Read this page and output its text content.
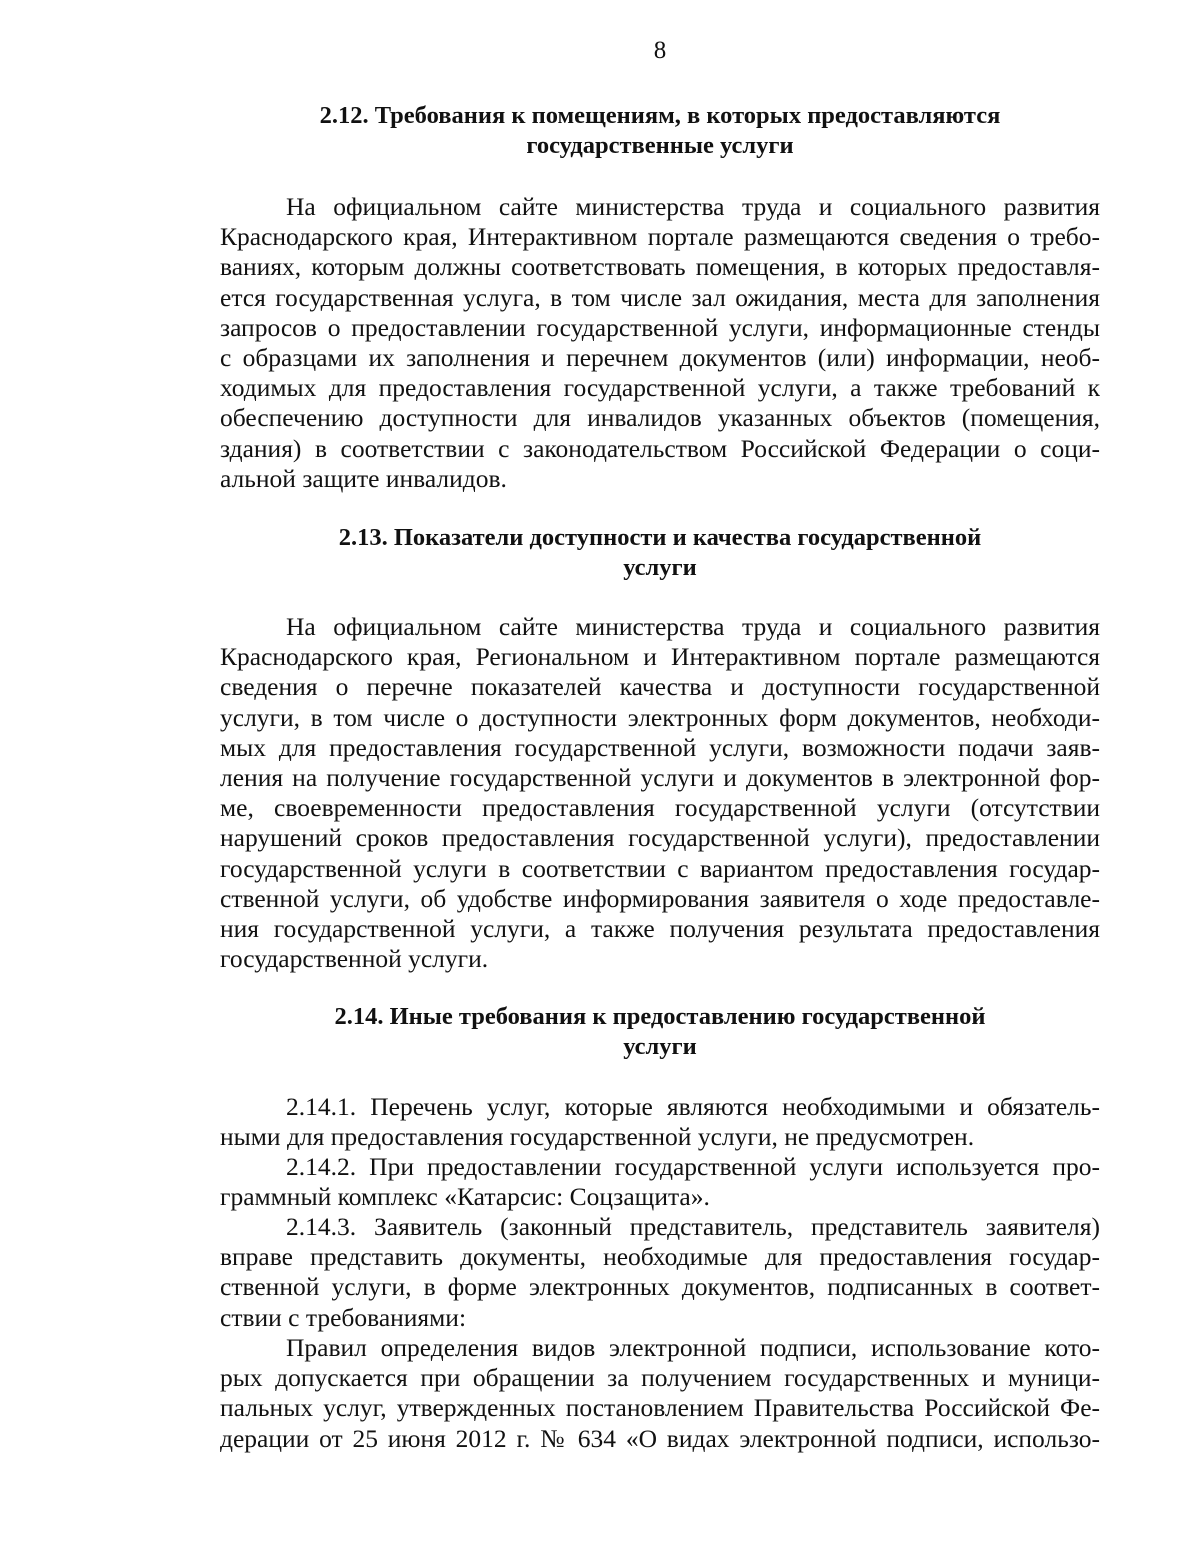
8
2.12. Требования к помещениям, в которых предоставляются
государственные услуги
На официальном сайте министерства труда и социального развития
Краснодарского края, Интерактивном портале размещаются сведения о требо-
ваниях, которым должны соответствовать помещения, в которых предоставля-
ется государственная услуга, в том числе зал ожидания, места для заполнения
запросов о предоставлении государственной услуги, информационные стенды
с образцами их заполнения и перечнем документов (или) информации, необ-
ходимых для предоставления государственной услуги, а также требований к
обеспечению доступности для инвалидов указанных объектов (помещения,
здания) в соответствии с законодательством Российской Федерации о соци-
альной защите инвалидов.
2.13. Показатели доступности и качества государственной
услуги
На официальном сайте министерства труда и социального развития
Краснодарского края, Региональном и Интерактивном портале размещаются
сведения о перечне показателей качества и доступности государственной
услуги, в том числе о доступности электронных форм документов, необходи-
мых для предоставления государственной услуги, возможности подачи заяв-
ления на получение государственной услуги и документов в электронной фор-
ме, своевременности предоставления государственной услуги (отсутствии
нарушений сроков предоставления государственной услуги), предоставлении
государственной услуги в соответствии с вариантом предоставления государ-
ственной услуги, об удобстве информирования заявителя о ходе предоставле-
ния государственной услуги, а также получения результата предоставления
государственной услуги.
2.14. Иные требования к предоставлению государственной
услуги
2.14.1. Перечень услуг, которые являются необходимыми и обязатель-
ными для предоставления государственной услуги, не предусмотрен.
2.14.2. При предоставлении государственной услуги используется про-
граммный комплекс «Катарсис: Соцзащита».
2.14.3. Заявитель (законный представитель, представитель заявителя)
вправе представить документы, необходимые для предоставления государ-
ственной услуги, в форме электронных документов, подписанных в соответ-
ствии с требованиями:
Правил определения видов электронной подписи, использование кото-
рых допускается при обращении за получением государственных и муници-
пальных услуг, утвержденных постановлением Правительства Российской Фе-
дерации от 25 июня 2012 г. № 634 «О видах электронной подписи, использо-
